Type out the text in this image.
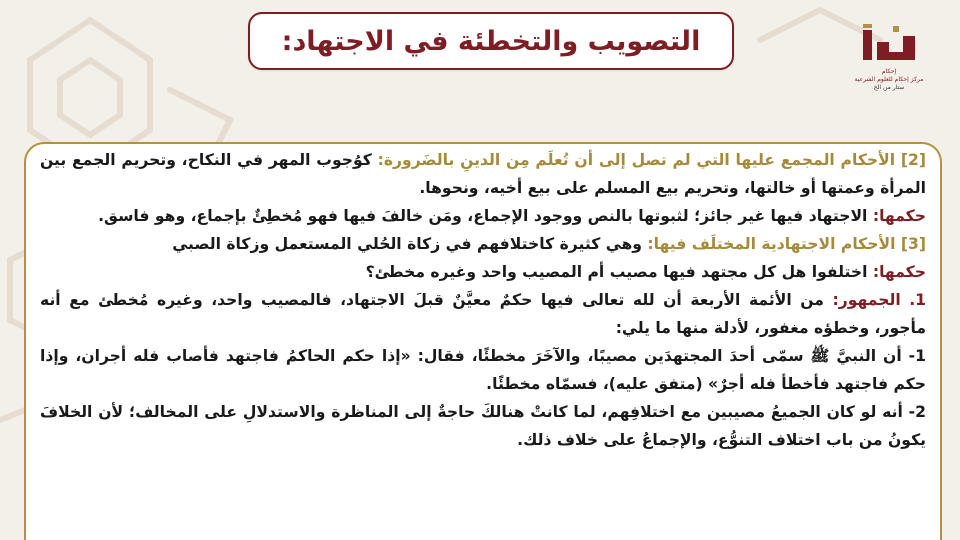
التصويب والتخطئة في الاجتهاد:
إحكام
مركز إحكام للعلوم الشرعية
ستار من الخ

[2] الأحكام المجمع عليها التي لم تصل إلى أن تُعلَم مِن الدينِ بالضَرورة: كوُجوب المهر في النكاح، وتحريم الجمع بين المرأة وعمتها أو خالتها، وتحريم بيع المسلم على بيع أخيه، ونحوها.

حكمها: الاجتهاد فيها غير جائز؛ لثبوتها بالنص ووجود الإجماع، ومَن خالفَ فيها فهو مُخطِئٌ بإجماع، وهو فاسق.

[3] الأحكام الاجتهادية المختلَف فيها: وهي كثيرة كاختلافهم في زكاة الحُلي المستعمل وزكاة الصبي

حكمها: اختلفوا هل كل مجتهد فيها مصيب أم المصيب واحد وغيره مخطئ؟

1. الجمهور: من الأئمة الأربعة أن لله تعالى فيها حكمٌ معيَّنٌ قبلَ الاجتهاد، فالمصيب واحد، وغيره مُخطئ مع أنه مأجور، وخطؤه مغفور، لأدلة منها ما يلي:

1- أن النبيَّ ﷺ سمّى أحدَ المجتهدَين مصيبًا، والآخَرَ مخطئًا، فقال: «إذا حكم الحاكمُ فاجتهد فأصاب فله أجران، وإذا حكم فاجتهد فأخطأ فله أجرٌ» (متفق عليه)، فسمّاه مخطئًا.

2- أنه لو كان الجميعُ مصيبين مع اختلافِهم، لما كانتْ هنالكَ حاجةٌ إلى المناظرة والاستدلالِ على المخالف؛ لأن الخلافَ يكونُ من باب اختلاف التنوُّع، والإجماعُ على خلاف ذلك.
